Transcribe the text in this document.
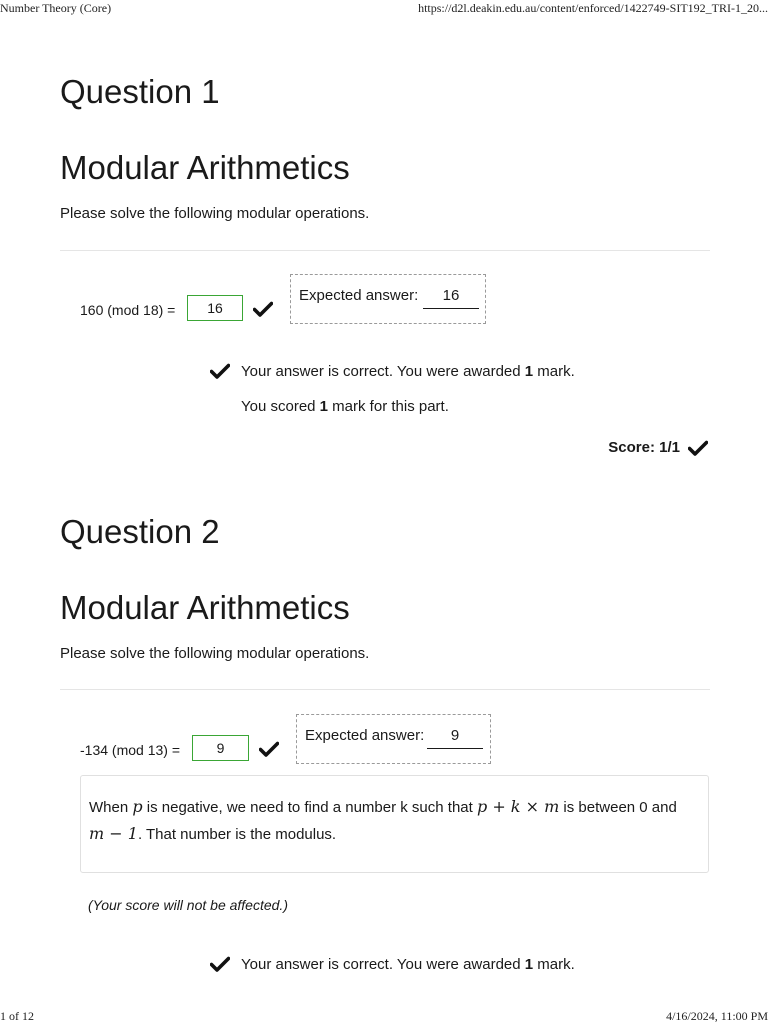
Number Theory (Core)	https://d2l.deakin.edu.au/content/enforced/1422749-SIT192_TRI-1_20...
Question 1
Modular Arithmetics
Please solve the following modular operations.
160 (mod 18) =	16
Expected answer:	16
Your answer is correct. You were awarded 1 mark.
You scored 1 mark for this part.
Score: 1/1
Question 2
Modular Arithmetics
Please solve the following modular operations.
-134 (mod 13) =	9
Expected answer:	9
When p is negative, we need to find a number k such that p + k × m is between 0 and
m − 1. That number is the modulus.
(Your score will not be affected.)
Your answer is correct. You were awarded 1 mark.
1 of 12	4/16/2024, 11:00 PM
